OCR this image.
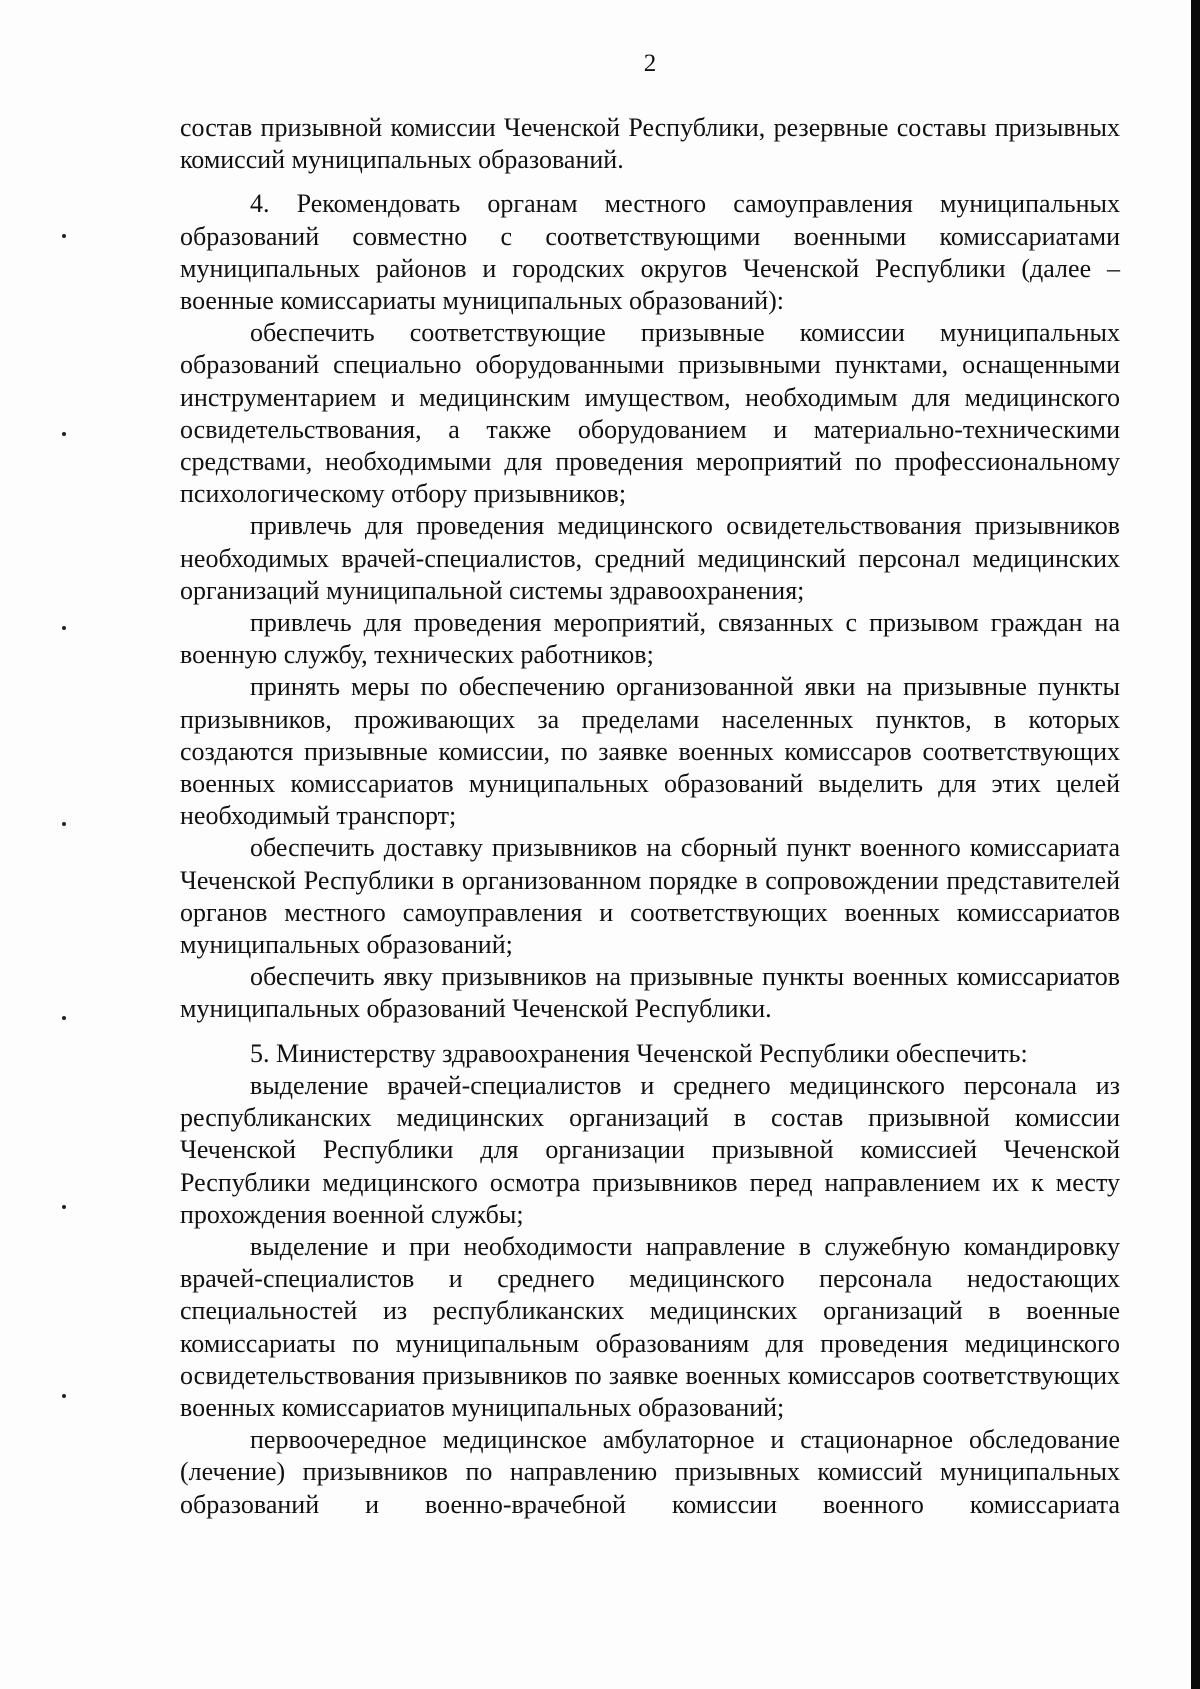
2

состав призывной комиссии Чеченской Республики, резервные составы призывных комиссий муниципальных образований.

4. Рекомендовать органам местного самоуправления муниципальных образований совместно с соответствующими военными комиссариатами муниципальных районов и городских округов Чеченской Республики (далее – военные комиссариаты муниципальных образований):

обеспечить соответствующие призывные комиссии муниципальных образований специально оборудованными призывными пунктами, оснащенными инструментарием и медицинским имуществом, необходимым для медицинского освидетельствования, а также оборудованием и материально-техническими средствами, необходимыми для проведения мероприятий по профессиональному психологическому отбору призывников;

привлечь для проведения медицинского освидетельствования призывников необходимых врачей-специалистов, средний медицинский персонал медицинских организаций муниципальной системы здравоохранения;

привлечь для проведения мероприятий, связанных с призывом граждан на военную службу, технических работников;

принять меры по обеспечению организованной явки на призывные пункты призывников, проживающих за пределами населенных пунктов, в которых создаются призывные комиссии, по заявке военных комиссаров соответствующих военных комиссариатов муниципальных образований выделить для этих целей необходимый транспорт;

обеспечить доставку призывников на сборный пункт военного комиссариата Чеченской Республики в организованном порядке в сопровождении представителей органов местного самоуправления и соответствующих военных комиссариатов муниципальных образований;

обеспечить явку призывников на призывные пункты военных комиссариатов муниципальных образований Чеченской Республики.

5. Министерству здравоохранения Чеченской Республики обеспечить:

выделение врачей-специалистов и среднего медицинского персонала из республиканских медицинских организаций в состав призывной комиссии Чеченской Республики для организации призывной комиссией Чеченской Республики медицинского осмотра призывников перед направлением их к месту прохождения военной службы;

выделение и при необходимости направление в служебную командировку врачей-специалистов и среднего медицинского персонала недостающих специальностей из республиканских медицинских организаций в военные комиссариаты по муниципальным образованиям для проведения медицинского освидетельствования призывников по заявке военных комиссаров соответствующих военных комиссариатов муниципальных образований;

первоочередное медицинское амбулаторное и стационарное обследование (лечение) призывников по направлению призывных комиссий муниципальных образований и военно-врачебной комиссии военного комиссариата
